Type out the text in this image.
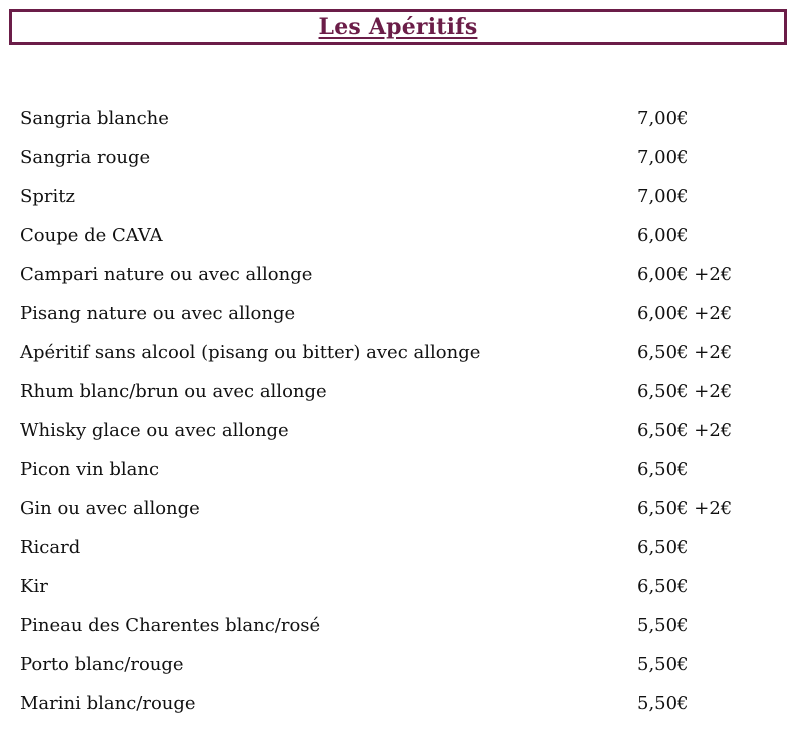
Les Apéritifs
Sangria blanche	7,00€
Sangria rouge	7,00€
Spritz	7,00€
Coupe de CAVA	6,00€
Campari nature ou avec allonge	6,00€ +2€
Pisang nature ou avec allonge	6,00€ +2€
Apéritif sans alcool (pisang ou bitter) avec allonge	6,50€ +2€
Rhum blanc/brun ou avec allonge	6,50€ +2€
Whisky glace ou avec allonge	6,50€ +2€
Picon vin blanc	6,50€
Gin ou avec allonge	6,50€ +2€
Ricard	6,50€
Kir	6,50€
Pineau des Charentes blanc/rosé	5,50€
Porto blanc/rouge	5,50€
Marini blanc/rouge	5,50€
